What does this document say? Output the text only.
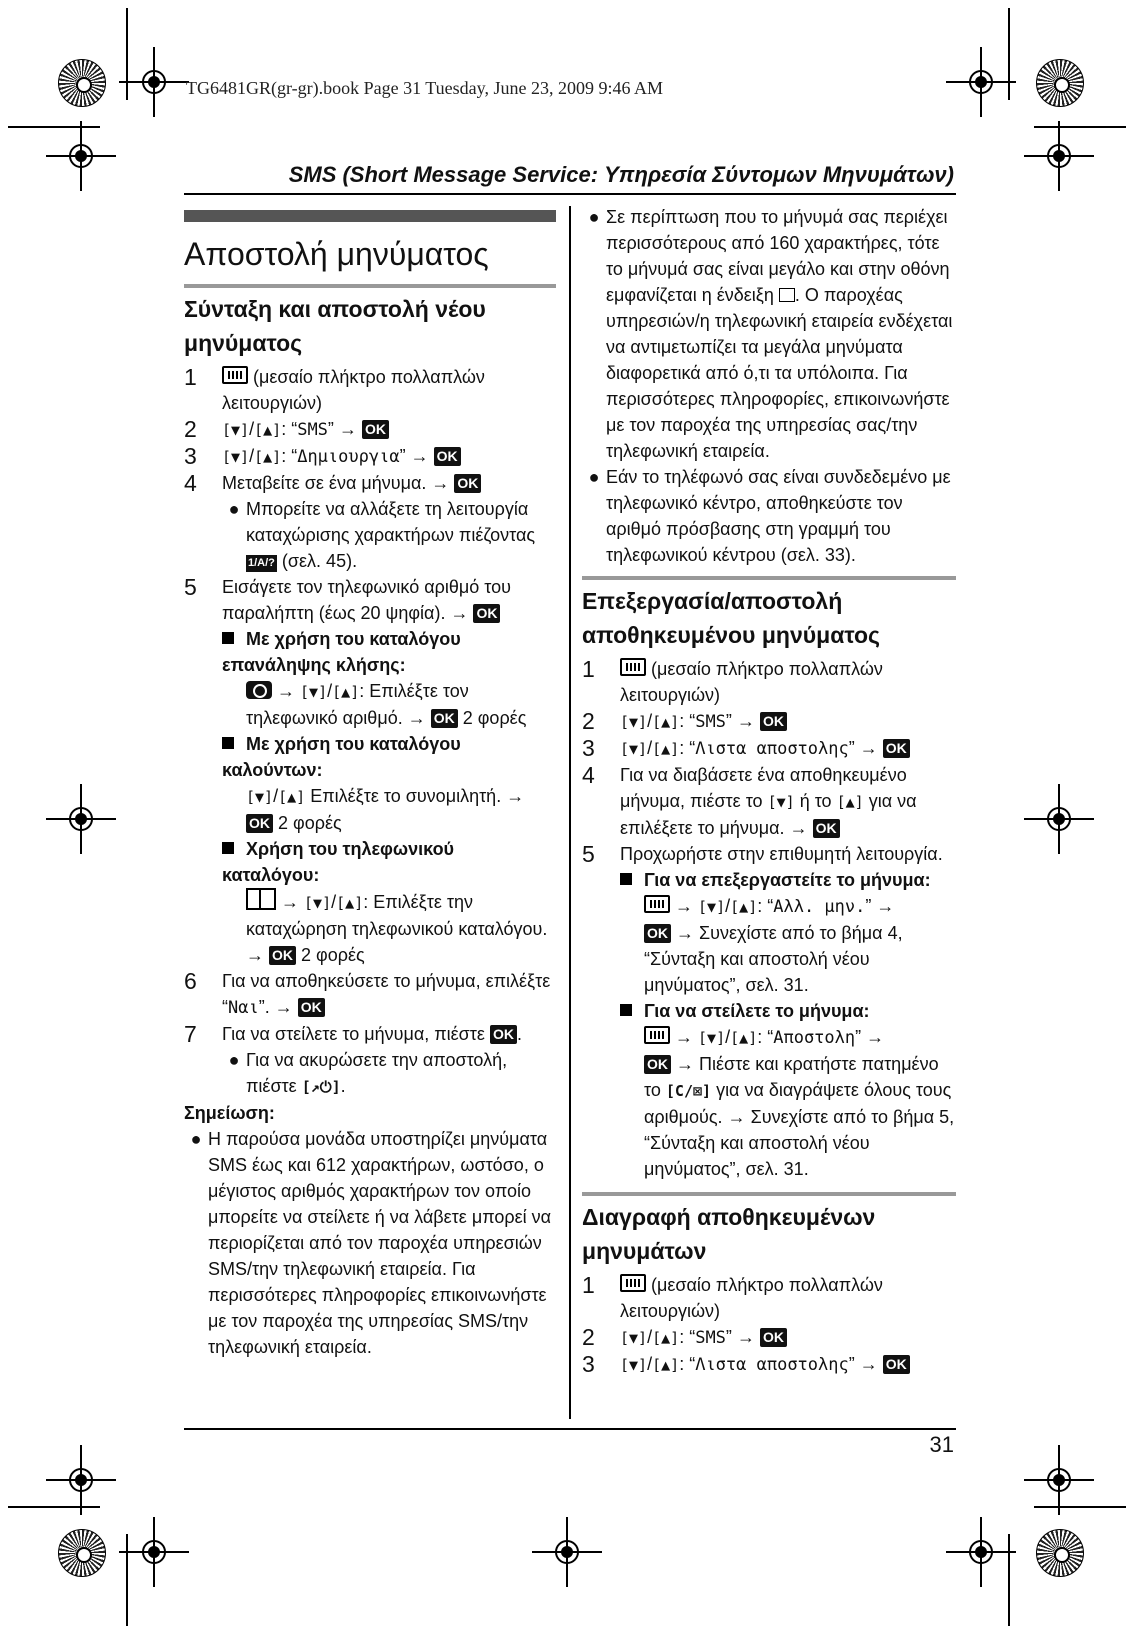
TG6481GR(gr-gr).book Page 31 Tuesday, June 23, 2009 9:46 AM
SMS (Short Message Service: Υπηρεσία Σύντομων Μηνυμάτων)
31
Αποστολή μηνύματος
Σύνταξη και αποστολή νέου μηνύματος
1	(μεσαίο πλήκτρο πολλαπλών λειτουργιών)
2	[▼]/[▲]: “SMS” → OK
3	[▼]/[▲]: “Δημιουργια” → OK
4	Μεταβείτε σε ένα μήνυμα. → OK
● Μπορείτε να αλλάξετε τη λειτουργία καταχώρισης χαρακτήρων πιέζοντας 1/A/? (σελ. 45).
5	Εισάγετε τον τηλεφωνικό αριθμό του παραλήπτη (έως 20 ψηφία). → OK
Με χρήση του καταλόγου επανάληψης κλήσης:
→ [▼]/[▲]: Επιλέξτε τον τηλεφωνικό αριθμό. → OK 2 φορές
Με χρήση του καταλόγου καλούντων:
[▼]/[▲] Επιλέξτε το συνομιλητή. → OK 2 φορές
Χρήση του τηλεφωνικού καταλόγου:
→ [▼]/[▲]: Επιλέξτε την καταχώρηση τηλεφωνικού καταλόγου. → OK 2 φορές
6	Για να αποθηκεύσετε το μήνυμα, επιλέξτε “Ναι”. → OK
7	Για να στείλετε το μήνυμα, πιέστε OK .
● Για να ακυρώσετε την αποστολή, πιέστε [↗⏻].
Σημείωση:
● Η παρούσα μονάδα υποστηρίζει μηνύματα SMS έως και 612 χαρακτήρων, ωστόσο, ο μέγιστος αριθμός χαρακτήρων τον οποίο μπορείτε να στείλετε ή να λάβετε μπορεί να περιορίζεται από τον παροχέα υπηρεσιών SMS/την τηλεφωνική εταιρεία. Για περισσότερες πληροφορίες επικοινωνήστε με τον παροχέα της υπηρεσίας SMS/την τηλεφωνική εταιρεία.
● Σε περίπτωση που το μήνυμά σας περιέχει περισσότερους από 160 χαρακτήρες, τότε το μήνυμά σας είναι μεγάλο και στην οθόνη εμφανίζεται η ένδειξη . Ο παροχέας υπηρεσιών/η τηλεφωνική εταιρεία ενδέχεται να αντιμετωπίζει τα μεγάλα μηνύματα διαφορετικά από ό,τι τα υπόλοιπα. Για περισσότερες πληροφορίες, επικοινωνήστε με τον παροχέα της υπηρεσίας σας/την τηλεφωνική εταιρεία.
● Εάν το τηλέφωνό σας είναι συνδεδεμένο με τηλεφωνικό κέντρο, αποθηκεύστε τον αριθμό πρόσβασης στη γραμμή του τηλεφωνικού κέντρου (σελ. 33).
Επεξεργασία/αποστολή αποθηκευμένου μηνύματος
1	(μεσαίο πλήκτρο πολλαπλών λειτουργιών)
2	[▼]/[▲]: “SMS” → OK
3	[▼]/[▲]: “Λιστα αποστολης” → OK
4	Για να διαβάσετε ένα αποθηκευμένο μήνυμα, πιέστε το [▼] ή το [▲] για να επιλέξετε το μήνυμα. → OK
5	Προχωρήστε στην επιθυμητή λειτουργία.
Για να επεξεργαστείτε το μήνυμα:
→ [▼]/[▲]: “Αλλ. μην.” →
OK → Συνεχίστε από το βήμα 4, “Σύνταξη και αποστολή νέου μηνύματος”, σελ. 31.
Για να στείλετε το μήνυμα:
→ [▼]/[▲]: “Αποστολη” →
OK → Πιέστε και κρατήστε πατημένο το [C/⊠] για να διαγράψετε όλους τους αριθμούς. → Συνεχίστε από το βήμα 5, “Σύνταξη και αποστολή νέου μηνύματος”, σελ. 31.
Διαγραφή αποθηκευμένων μηνυμάτων
1	(μεσαίο πλήκτρο πολλαπλών λειτουργιών)
2	[▼]/[▲]: “SMS” → OK
3	[▼]/[▲]: “Λιστα αποστολης” → OK
